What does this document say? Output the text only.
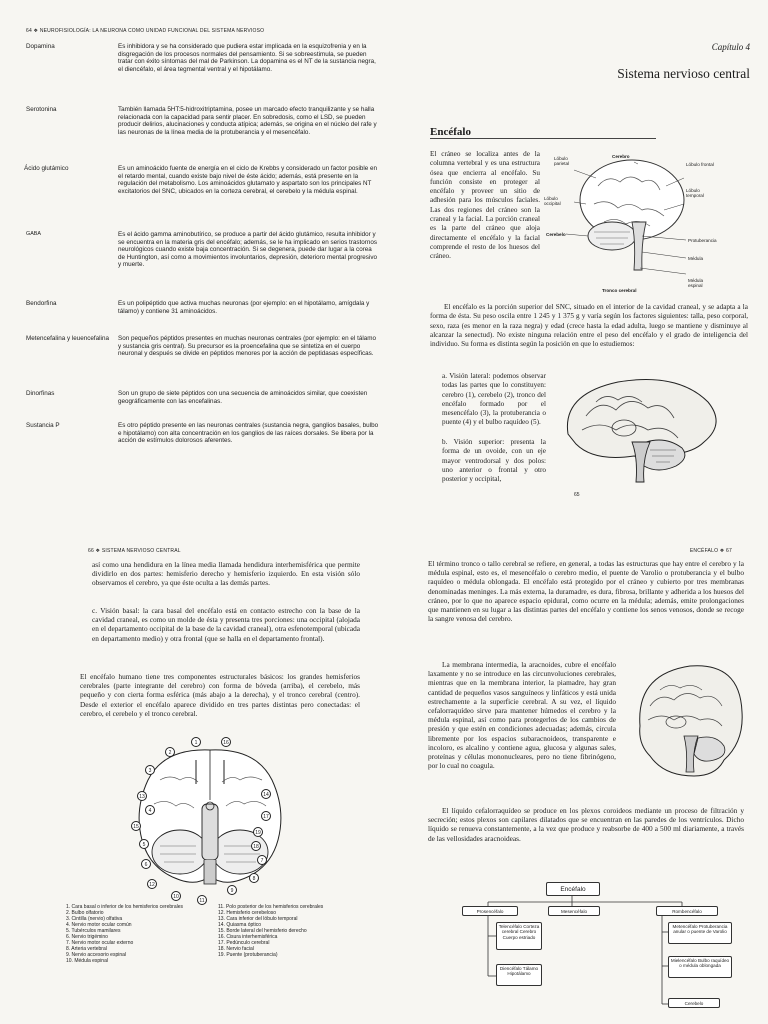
64 ❖ NEUROFISIOLOGÍA: LA NEURONA COMO UNIDAD FUNCIONAL DEL SISTEMA NERVIOSO
Dopamina	Es inhibidora y se ha considerado que pudiera estar implicada en la esquizofrenia y en la disgregación de los procesos normales del pensamiento. Si se sobreestimula, se pueden tratar con éxito síntomas del mal de Parkinson. La dopamina es el NT de la sustancia negra, el diencéfalo, el área tegmental ventral y el hipotálamo.
Serotonina	También llamada 5HT:5-hidroxitriptamina, posee un marcado efecto tranquilizante y se halla relacionada con la capacidad para sentir placer. En sobredosis, como el LSD, se pueden producir delirios, alucinaciones y conducta atípica; además, se origina en el núcleo del rafe y las neuronas de la línea media de la protuberancia y el mesencéfalo.
Ácido glutámico	Es un aminoácido fuente de energía en el ciclo de Krebbs y considerado un factor posible en el retardo mental, cuando existe bajo nivel de éste ácido; además, está presente en la regulación del metabolismo. Los aminoácidos glutamato y aspartato son los principales NT excitatorios del SNC, ubicados en la corteza cerebral, el cerebelo y la médula espinal.
GABA	Es el ácido gamma aminobutírico, se produce a partir del ácido glutámico, resulta inhibidor y se encuentra en la materia gris del encéfalo; además, se le ha implicado en serios trastornos neurológicos cuando existe baja concentración. Si se degenera, puede dar lugar a la corea de Huntington, así como a movimientos involuntarios, depresión, deterioro mental progresivo y muerte.
Bendorfina	Es un polipéptido que activa muchas neuronas (por ejemplo: en el hipotálamo, amígdala y tálamo) y contiene 31 aminoácidos.
Metencefalina y leuencefalina	Son pequeños péptidos presentes en muchas neuronas centrales (por ejemplo: en el tálamo y sustancia gris central). Su precursor es la proencefalina que se sintetiza en el cuerpo neuronal y después se divide en péptidos menores por la acción de peptidasas específicas.
Dinorfinas	Son un grupo de siete péptidos con una secuencia de aminoácidos similar, que coexisten geográficamente con las encefalinas.
Sustancia P	Es otro péptido presente en las neuronas centrales (sustancia negra, ganglios basales, bulbo e hipotálamo) con alta concentración en los ganglios de las raíces dorsales. Se libera por la acción de estímulos dolorosos aferentes.
Capítulo 4
Sistema nervioso central
Encéfalo
El cráneo se localiza antes de la columna vertebral y es una estructura ósea que encierra al encéfalo. Su función consiste en proteger al encéfalo y proveer un sitio de adhesión para los músculos faciales. Las dos regiones del cráneo son la craneal y la facial. La porción craneal es la parte del cráneo que aloja directamente el encéfalo y la facial comprende el resto de los huesos del cráneo.
Lóbulo parietal
Cerebro
Lóbulo frontal
Lóbulo temporal
Lóbulo occipital
Protuberancia
Médula
Cerebelo
Tronco cerebral
Médula espinal
El encéfalo es la porción superior del SNC, situado en el interior de la cavidad craneal, y se adapta a la forma de ésta. Su peso oscila entre 1 245 y 1 375 g y varía según los factores siguientes: talla, peso corporal, sexo, raza (es menor en la raza negra) y edad (crece hasta la edad adulta, luego se mantiene y disminuye al alcanzar la senectud). No existe ninguna relación entre el peso del encéfalo y el grado de inteligencia del individuo. Su forma es distinta según la posición en que lo estudiemos:
a. Visión lateral: podemos observar todas las partes que lo constituyen: cerebro (1), cerebelo (2), tronco del encéfalo formado por el mesencéfalo (3), la protuberancia o puente (4) y el bulbo raquídeo (5).
b. Visión superior: presenta la forma de un ovoide, con un eje mayor ventrodorsal y dos polos: uno anterior o frontal y otro posterior y occipital,
65
66 ❖ SISTEMA NERVIOSO CENTRAL
así como una hendidura en la línea media llamada hendidura interhemisférica que permite dividirlo en dos partes: hemisferio derecho y hemisferio izquierdo. En esta visión sólo observamos el cerebro, ya que éste oculta a las demás partes.
c. Visión basal: la cara basal del encéfalo está en contacto estrecho con la base de la cavidad craneal, es como un molde de ésta y presenta tres porciones: una occipital (alojada en el departamento occipital de la base de la cavidad craneal), otra esfenotemporal (ubicada en departamento medio) y otra frontal (que se halla en el departamento frontal).
El encéfalo humano tiene tres componentes estructurales básicos: los grandes hemisferios cerebrales (parte integrante del cerebro) con forma de bóveda (arriba), el cerebelo, más pequeño y con cierta forma esférica (más abajo a la derecha), y el tronco cerebral (centro). Desde el exterior el encéfalo aparece dividido en tres partes distintas pero conectadas: el cerebro, el cerebelo y el tronco cerebral.
1
2
3
4
5
6
7
8
9
10
11
12
13	14
15
16
17
18
19
1. Cara basal o inferior de los hemisferios cerebrales
2. Bulbo olfatorio
3. Cintilla (nervio) olfativa
4. Nervio motor ocular común
5. Tubérculos mamilares
6. Nervio trigémino
7. Nervio motor ocular externo
8. Arteria vertebral
9. Nervio accesorio espinal
10. Médula espinal
11. Polo posterior de los hemisferios cerebrales
12. Hemisferio cerebeloso
13. Cara inferior del lóbulo temporal
14. Quiasma óptico
15. Borde lateral del hemisferio derecho
16. Cisura interhemisférica
17. Pedúnculo cerebral
18. Nervio facial
19. Puente (protuberancia)
ENCÉFALO ❖ 67
El término tronco o tallo cerebral se refiere, en general, a todas las estructuras que hay entre el cerebro y la médula espinal, esto es, el mesencéfalo o cerebro medio, el puente de Varolio o protuberancia y el bulbo raquídeo o médula oblongada. El encéfalo está protegido por el cráneo y cubierto por tres membranas denominadas meninges. La más externa, la duramadre, es dura, fibrosa, brillante y adherida a los huesos del cráneo, por lo que no aparece espacio epidural, como ocurre en la médula; además, emite prolongaciones que mantienen en su lugar a las distintas partes del encéfalo y contiene los senos venosos, donde se recoge la sangre venosa del cerebro.
La membrana intermedia, la aracnoides, cubre el encéfalo laxamente y no se introduce en las circunvoluciones cerebrales, mientras que en la membrana interior, la piamadre, hay gran cantidad de pequeños vasos sanguíneos y linfáticos y está unida estrechamente a la superficie cerebral. A su vez, el líquido cefalorraquídeo sirve para mantener húmedos el cerebro y la médula espinal, así como para protegerlos de los cambios de presión y que estén en condiciones adecuadas; además, circula libremente por los espacios subaracnoideos, transparente e incoloro, es alcalino y contiene agua, glucosa y algunas sales, proteínas y células mononucleares, pero no tiene fibrinógeno, por lo cual no coagula.
El líquido cefalorraquídeo se produce en los plexos coroideos mediante un proceso de filtración y secreción; estos plexos son capilares dilatados que se encuentran en las paredes de los ventrículos. Dicho líquido se renueva constantemente, a la vez que produce y reabsorbe de 400 a 500 ml diariamente, a través de las vellosidades aracnoideas.
Encéfalo
Prosencéfalo	Mesencéfalo	Rombencéfalo
Telencéfalo Corteza cerebral Cerebro Cuerpo estriado
Diencéfalo Tálamo Hipotálamo
Metencéfalo Protuberancia anular o puente de Varolio
Mielencéfalo Bulbo raquídeo o médula oblongada
Cerebelo
